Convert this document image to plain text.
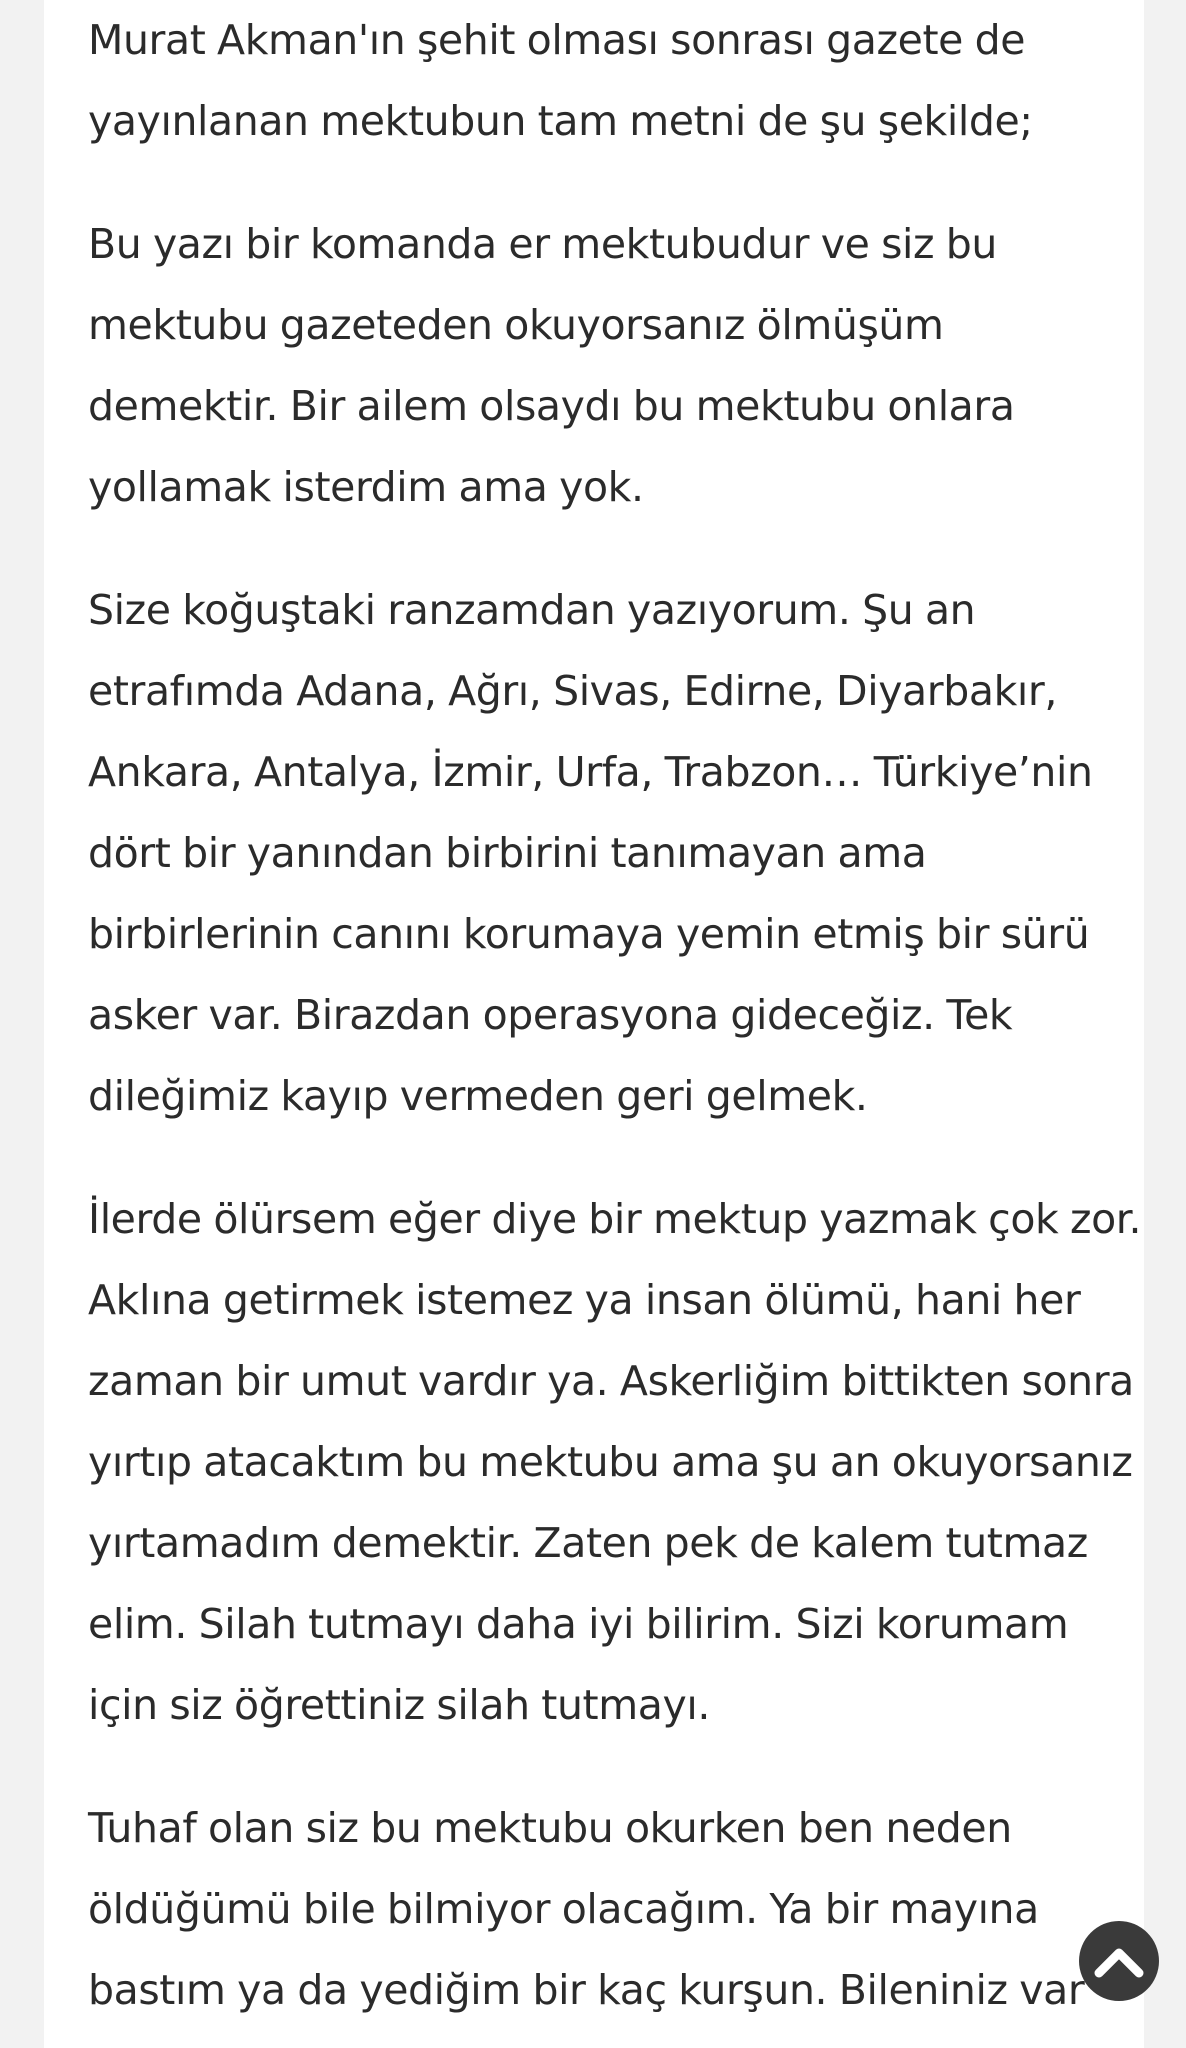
Murat Akman'ın şehit olması sonrası gazete de
yayınlanan mektubun tam metni de şu şekilde;

Bu yazı bir komanda er mektubudur ve siz bu
mektubu gazeteden okuyorsanız ölmüşüm
demektir. Bir ailem olsaydı bu mektubu onlara
yollamak isterdim ama yok.

Size koğuştaki ranzamdan yazıyorum. Şu an
etrafımda Adana, Ağrı, Sivas, Edirne, Diyarbakır,
Ankara, Antalya, İzmir, Urfa, Trabzon… Türkiye’nin
dört bir yanından birbirini tanımayan ama
birbirlerinin canını korumaya yemin etmiş bir sürü
asker var. Birazdan operasyona gideceğiz. Tek
dileğimiz kayıp vermeden geri gelmek.

İlerde ölürsem eğer diye bir mektup yazmak çok zor.
Aklına getirmek istemez ya insan ölümü, hani her
zaman bir umut vardır ya. Askerliğim bittikten sonra
yırtıp atacaktım bu mektubu ama şu an okuyorsanız
yırtamadım demektir. Zaten pek de kalem tutmaz
elim. Silah tutmayı daha iyi bilirim. Sizi korumam
için siz öğrettiniz silah tutmayı.

Tuhaf olan siz bu mektubu okurken ben neden
öldüğümü bile bilmiyor olacağım. Ya bir mayına
bastım ya da yediğim bir kaç kurşun. Bileniniz var
